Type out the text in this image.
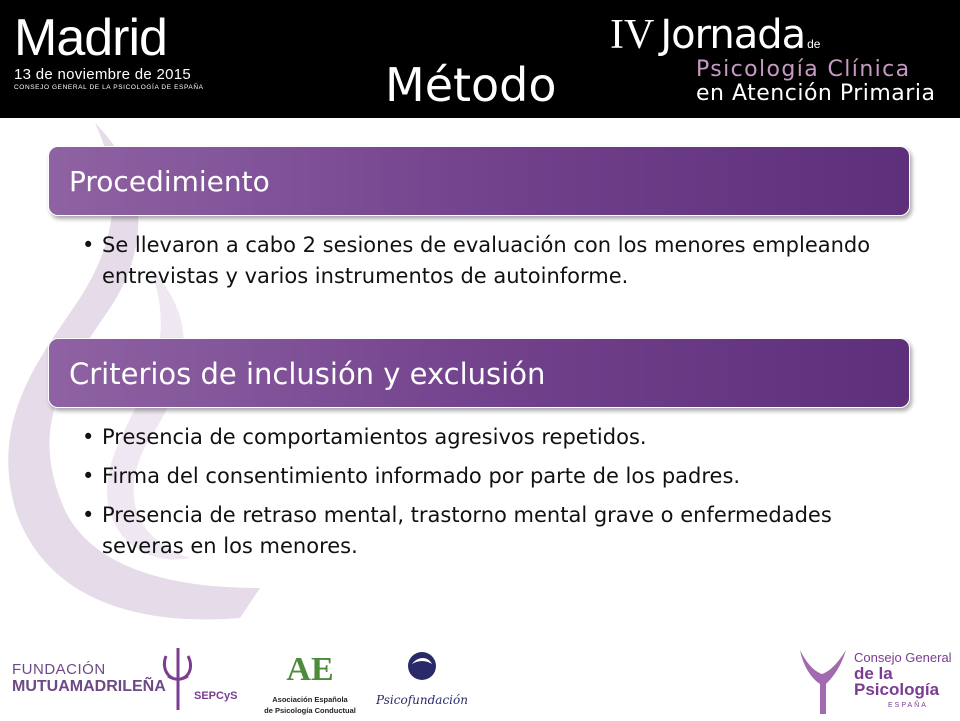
Madrid
13 de noviembre de 2015
CONSEJO GENERAL DE LA PSICOLOGÍA DE ESPAÑA	Método
IV Jornada de
Psicología Clínica
en Atención Primaria
Procedimiento
• Se llevaron a cabo 2 sesiones de evaluación con los menores empleando entrevistas y varios instrumentos de autoinforme.
Criterios de inclusión y exclusión
• Presencia de comportamientos agresivos repetidos.
• Firma del consentimiento informado por parte de los padres.
• Presencia de retraso mental, trastorno mental grave o enfermedades severas en los menores.
FUNDACIÓN
MUTUAMADRILEÑA
SEPCyS
AE
Asociación Española
de Psicología Conductual
Psicofundación
Consejo General
de la Psicología
ESPAÑA
